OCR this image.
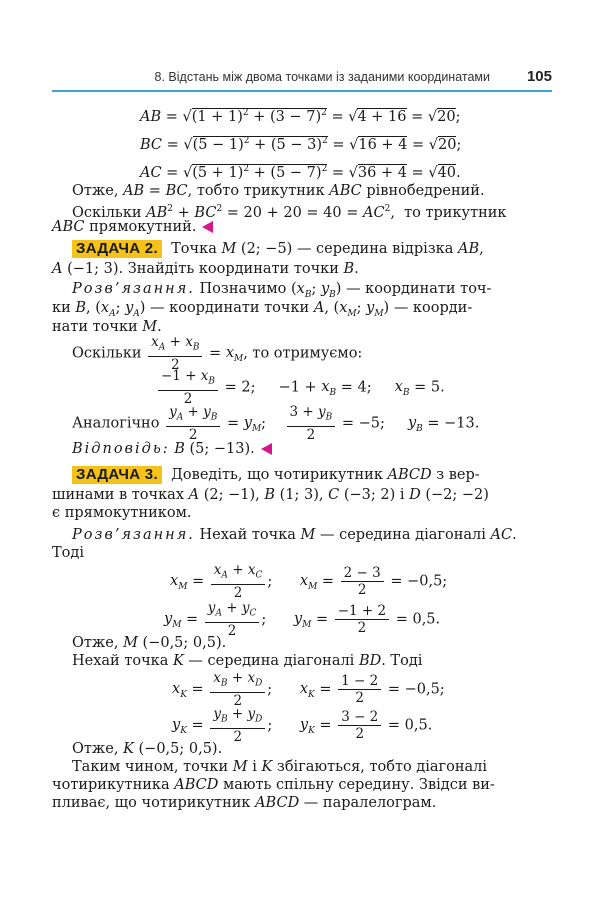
8. Відстань між двома точками із заданими координатами 105
AB = $√(1 + 1)^2 + (3 - 7)^2 = √4 + 16 = √20$;
BC = $√(5 - 1)^2 + (5 - 3)^2 = √16 + 4 = √20$;
AC = $√(5 + 1)^2 + (5 - 7)^2 = √36 + 4 = √40$.
Отже, AB = BC, тобто трикутник ABC рівнобедрений.
Оскільки $AB^2 + BC^2 = 20 + 20 = 40 = AC^2$,  то трикутник
ABC прямокутний.
ЗАДАЧА 2.  Точка M (2; −5) — середина відрізка AB,
A (−1; 3). Знайдіть координати точки B.
Розв’язання. Позначимо ($x_B$; $y_B$) — координати точ-
ки B, ($x_A$; $y_A$) — координати точки A, ($x_M$; $y_M$) — коорди-
нати точки M.
Оскільки $\frac{x_A + x_B}{2} = x_M$, то отримуємо:
$\frac{-1 + x_B}{2} = 2$;     $-1 + x_B = 4$;     $x_B = 5$.
Аналогічно $\frac{y_A + y_B}{2} = y_M$; $\frac{3 + y_B}{2} = -5$;     $y_B = -13$.
Відповідь: B (5; −13).
ЗАДАЧА 3.  Доведіть, що чотирикутник ABCD з вер-
шинами в точках A (2; −1), B (1; 3), C (−3; 2) і D (−2; −2)
є прямокутником.
Розв’язання. Нехай точка M — середина діагоналі AC.
Тоді
$x_M = \frac{x_A + x_C}{2}$ ;      $x_M = \frac{2 - 3}{2} = -0,5$;
$y_M = \frac{y_A + y_C}{2}$ ;      $y_M = \frac{-1 + 2}{2} = 0,5$.
Отже, M (−0,5; 0,5).
Нехай точка K — середина діагоналі BD. Тоді
$x_K = \frac{x_B + x_D}{2}$ ;      $x_K = \frac{1 - 2}{2} = -0,5$;
$y_K = \frac{y_B + y_D}{2}$ ;      $y_K = \frac{3 - 2}{2} = 0,5$.
Отже, K (−0,5; 0,5).
Таким чином, точки M і K збігаються, тобто діагоналі
чотирикутника ABCD мають спільну середину. Звідси ви-
пливає, що чотирикутник ABCD — паралелограм.
